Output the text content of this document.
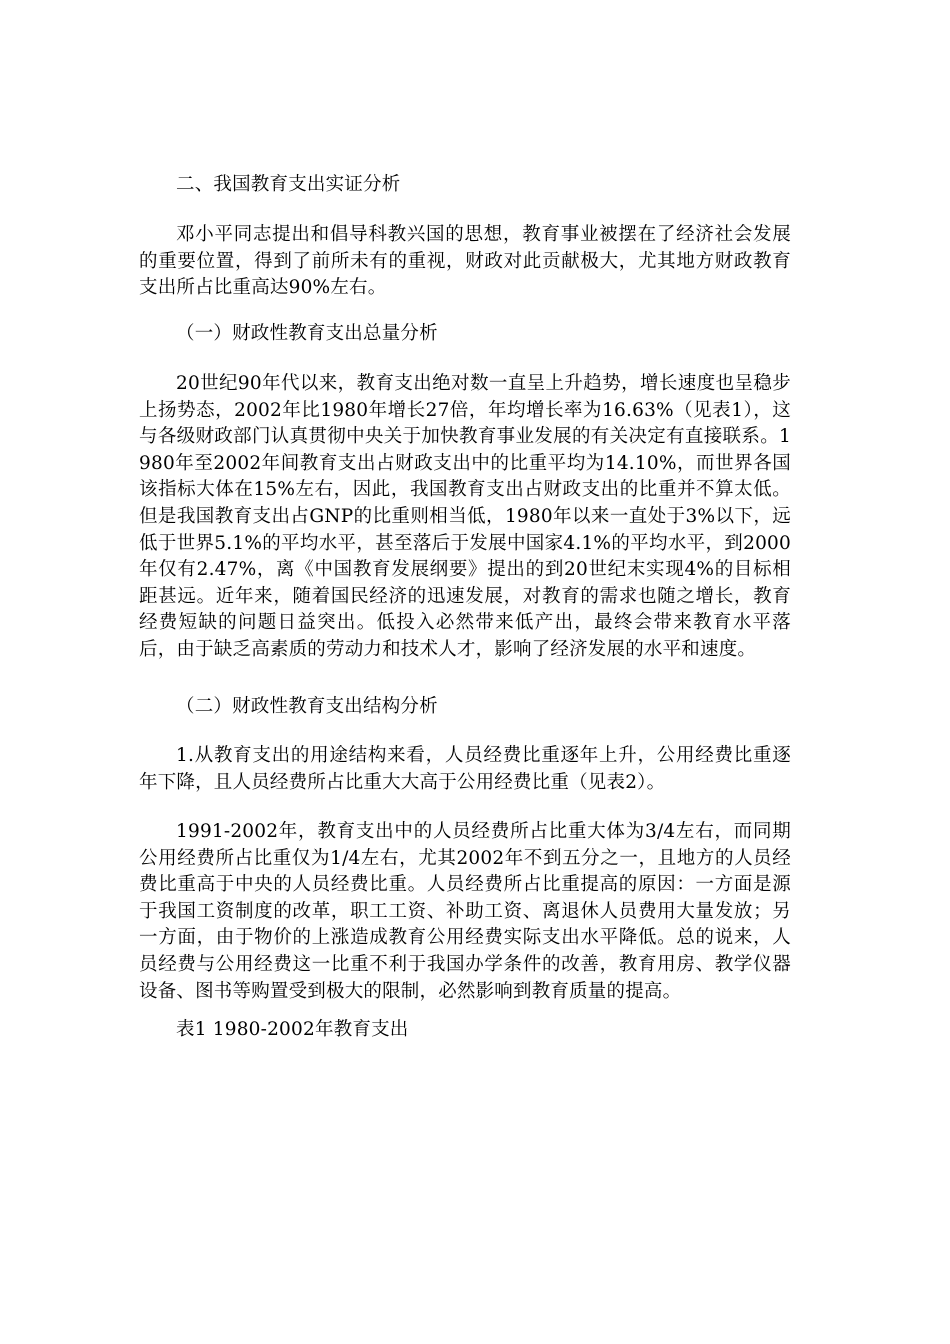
二、我国教育支出实证分析
邓小平同志提出和倡导科教兴国的思想，教育事业被摆在了经济社会发展的重要位置，得到了前所未有的重视，财政对此贡献极大，尤其地方财政教育支出所占比重高达90%左右。
（一）财政性教育支出总量分析
20世纪90年代以来，教育支出绝对数一直呈上升趋势，增长速度也呈稳步上扬势态，2002年比1980年增长27倍，年均增长率为16.63%（见表1），这与各级财政部门认真贯彻中央关于加快教育事业发展的有关决定有直接联系。1980年至2002年间教育支出占财政支出中的比重平均为14.10%，而世界各国该指标大体在15%左右，因此，我国教育支出占财政支出的比重并不算太低。但是我国教育支出占GNP的比重则相当低，1980年以来一直处于3%以下，远低于世界5.1%的平均水平，甚至落后于发展中国家4.1%的平均水平，到2000年仅有2.47%，离《中国教育发展纲要》提出的到20世纪末实现4%的目标相距甚远。近年来，随着国民经济的迅速发展，对教育的需求也随之增长，教育经费短缺的问题日益突出。低投入必然带来低产出，最终会带来教育水平落后，由于缺乏高素质的劳动力和技术人才，影响了经济发展的水平和速度。
（二）财政性教育支出结构分析
1.从教育支出的用途结构来看，人员经费比重逐年上升，公用经费比重逐年下降，且人员经费所占比重大大高于公用经费比重（见表2）。
1991-2002年，教育支出中的人员经费所占比重大体为3/4左右，而同期公用经费所占比重仅为1/4左右，尤其2002年不到五分之一，且地方的人员经费比重高于中央的人员经费比重。人员经费所占比重提高的原因：一方面是源于我国工资制度的改革，职工工资、补助工资、离退休人员费用大量发放；另一方面，由于物价的上涨造成教育公用经费实际支出水平降低。总的说来，人员经费与公用经费这一比重不利于我国办学条件的改善，教育用房、教学仪器设备、图书等购置受到极大的限制，必然影响到教育质量的提高。
表1 1980-2002年教育支出
